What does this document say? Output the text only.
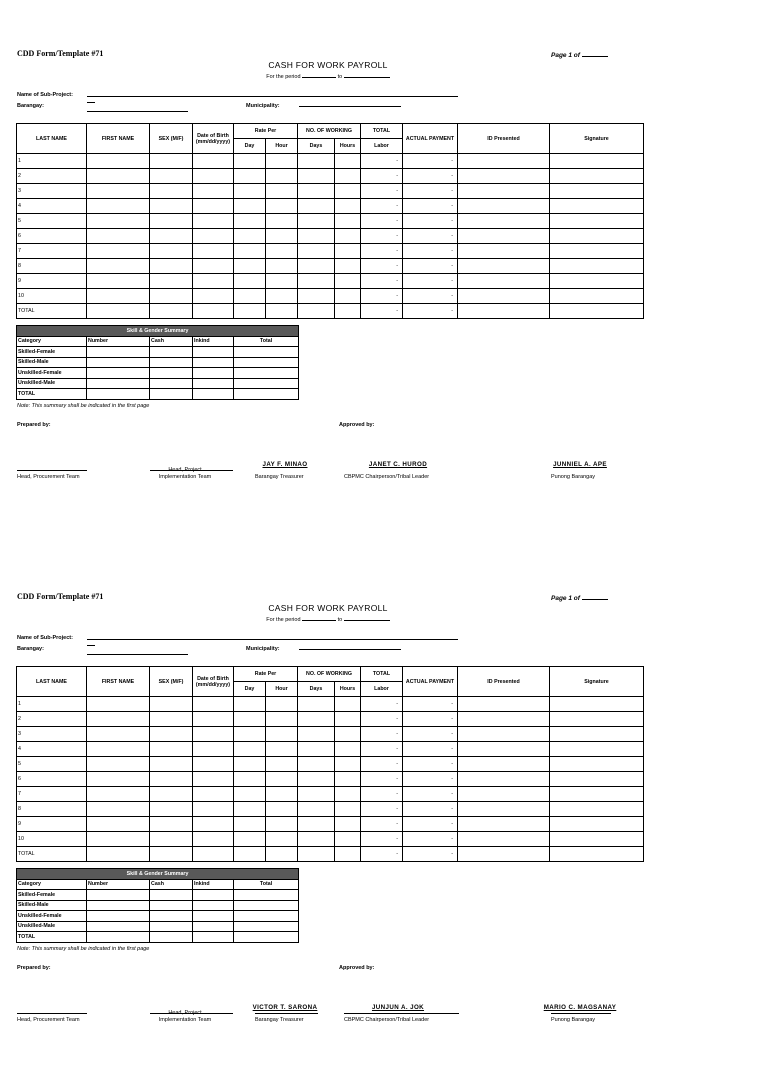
CDD Form/Template #71	Page 1 of
CASH FOR WORK PAYROLL
For the period	to
Name of Sub-Project:
Barangay:	Municipality:
LAST NAME	FIRST NAME	SEX (M/F)	Date of Birth (mm/dd/yyyy)	Rate Per		NO. OF WORKING		TOTAL	ACTUAL PAYMENT	ID Presented	Signature
				Day	Hour	Days	Hours	Labor			
1								-	-		
2								-	-		
3								-	-		
4								-	-		
5								-	-		
6								-	-		
7								-	-		
8								-	-		
9								-	-		
10								-	-		
TOTAL								-	-		
Skill & Gender Summary				
Category	Number	Cash	Inkind	Total
Skilled-Female				
Skilled-Male				
Unskilled-Female				
Unskilled-Male				
TOTAL				
Note: This summary shall be indicated in the first page
Prepared by:	Approved by:
Head, Procurement Team
Head, Project Implementation Team
JAY F. MINAO
Barangay Treasurer
JANET C. HUROD
CBPMC Chairperson/Tribal Leader
JUNNIEL A. APE
Punong Barangay
CDD Form/Template #71	Page 1 of
CASH FOR WORK PAYROLL
For the period	to
Name of Sub-Project:
Barangay:	Municipality:
LAST NAME	FIRST NAME	SEX (M/F)	Date of Birth (mm/dd/yyyy)	Rate Per		NO. OF WORKING		TOTAL	ACTUAL PAYMENT	ID Presented	Signature
				Day	Hour	Days	Hours	Labor			
1								-	-		
2								-	-		
3								-	-		
4								-	-		
5								-	-		
6								-	-		
7								-	-		
8								-	-		
9								-	-		
10								-	-		
TOTAL								-	-		
Skill & Gender Summary				
Category	Number	Cash	Inkind	Total
Skilled-Female				
Skilled-Male				
Unskilled-Female				
Unskilled-Male				
TOTAL				
Note: This summary shall be indicated in the first page
Prepared by:	Approved by:
Head, Procurement Team
Head, Project Implementation Team
VICTOR T. SARONA
Barangay Treasurer
JUNJUN A. JOK
CBPMC Chairperson/Tribal Leader
MARIO C. MAGSANAY
Punong Barangay
